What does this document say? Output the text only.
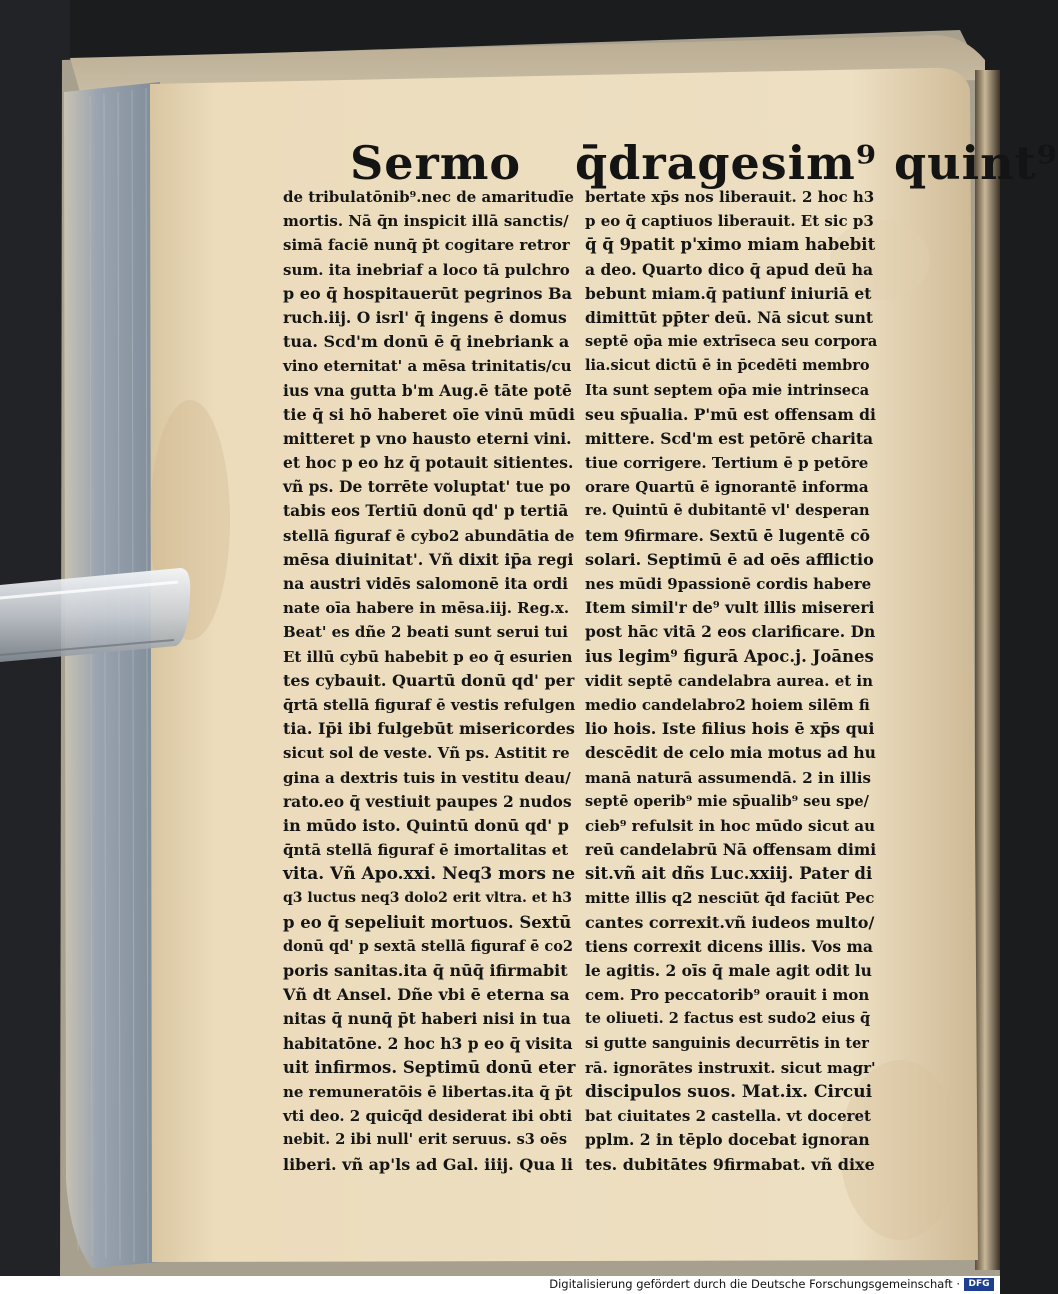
Sermo q̄dragesim⁹ quint⁹
de tribulatōnib⁹.nec de amaritudīe
mortis. Nā q̄n inspicit illā sanctis/
simā faciē nunq̄ p̄t cogitare retror
sum. ita inebriaf a loco tā pulchro
p eo q̄ hospitauerūt pegrinos Ba
ruch.iij. O isrl' q̄ ingens ē domus
tua. Scd'm donū ē q̄ inebriank a
vino eternitat' a mēsa trinitatis/cu
ius vna gutta b'm Aug.ē tāte potē
tie q̄ si hō haberet oīe vinū mūdi
mitteret p vno hausto eterni vini.
et hoc p eo hz q̄ potauit sitientes.
vñ ps. De torrēte voluptat' tue po
tabis eos Tertiū donū qd' p tertiā
stellā figuraf ē cybo2 abundātia de
mēsa diuinitat'. Vñ dixit ip̄a regi
na austri vidēs salomonē ita ordi
nate oīa habere in mēsa.iij. Reg.x.
Beat' es dñe 2 beati sunt serui tui
Et illū cybū habebit p eo q̄ esurien
tes cybauit. Quartū donū qd' per
q̄rtā stellā figuraf ē vestis refulgen
tia. Ip̄i ibi fulgebūt misericordes
sicut sol de veste. Vñ ps. Astitit re
gina a dextris tuis in vestitu deau/
rato.eo q̄ vestiuit paupes 2 nudos
in mūdo isto. Quintū donū qd' p
q̄ntā stellā figuraf ē imortalitas et
vita. Vñ Apo.xxi. Neq3 mors ne
q3 luctus neq3 dolo2 erit vltra. et h3
p eo q̄ sepeliuit mortuos. Sextū
donū qd' p sextā stellā figuraf ē co2
poris sanitas.ita q̄ nūq̄ ifirmabit
Vñ dt Ansel. Dñe vbi ē eterna sa
nitas q̄ nunq̄ p̄t haberi nisi in tua
habitatōne. 2 hoc h3 p eo q̄ visita
uit infirmos. Septimū donū eter
ne remuneratōis ē libertas.ita q̄ p̄t
vti deo. 2 quicq̄d desiderat ibi obti
nebit. 2 ibi null' erit seruus. s3 oēs
liberi. vñ ap'ls ad Gal. iiij. Qua li
bertate xp̄s nos liberauit. 2 hoc h3
p eo q̄ captiuos liberauit. Et sic p3
q̄ q̄ 9patit p'ximo miam habebit
a deo. Quarto dico q̄ apud deū ha
bebunt miam.q̄ patiunf iniuriā et
dimittūt pp̄ter deū. Nā sicut sunt
septē op̄a mie extrīseca seu corpora
lia.sicut dictū ē in p̄cedēti membro
Ita sunt septem op̄a mie intrinseca
seu sp̄ualia. P'mū est offensam di
mittere. Scd'm est petōrē charita
tiue corrigere. Tertium ē p petōre
orare Quartū ē ignorantē informa
re. Quintū ē dubitantē vl' desperan
tem 9firmare. Sextū ē lugentē cō
solari. Septimū ē ad oēs afflictio
nes mūdi 9passionē cordis habere
Item simil'r de⁹ vult illis misereri
post hāc vitā 2 eos clarificare. Dn
ius legim⁹ figurā Apoc.j. Joānes
vidit septē candelabra aurea. et in
medio candelabro2 hoiem silēm fi
lio hois. Iste filius hois ē xp̄s qui
descēdit de celo mia motus ad hu
manā naturā assumendā. 2 in illis
septē operib⁹ mie sp̄ualib⁹ seu spe/
cieb⁹ refulsit in hoc mūdo sicut au
reū candelabrū Nā offensam dimi
sit.vñ ait dñs Luc.xxiij. Pater di
mitte illis q2 nesciūt q̄d faciūt Pec
cantes correxit.vñ iudeos multo/
tiens correxit dicens illis. Vos ma
le agitis. 2 oīs q̄ male agit odit lu
cem. Pro peccatorib⁹ orauit i mon
te oliueti. 2 factus est sudo2 eius q̄
si gutte sanguinis decurrētis in ter
rā. ignorātes instruxit. sicut magr'
discipulos suos. Mat.ix. Circui
bat ciuitates 2 castella. vt doceret
pplm. 2 in tēplo docebat ignoran
tes. dubitātes 9firmabat. vñ dixe
Digitalisierung gefördert durch die Deutsche Forschungsgemeinschaft · DFG
